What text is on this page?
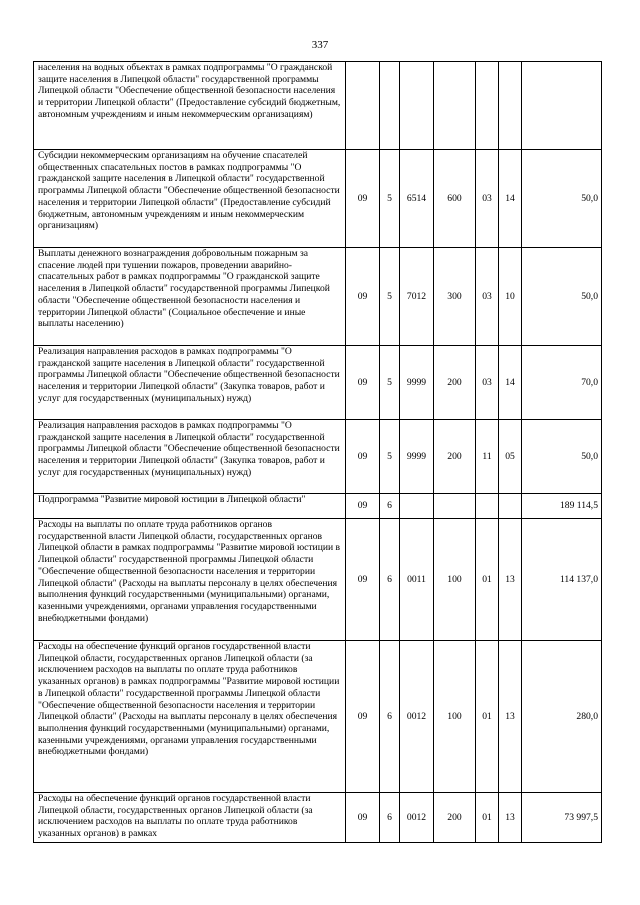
337
населения на водных объектах в рамках подпрограммы "О гражданской защите населения в Липецкой области" государственной программы Липецкой области "Обеспечение общественной безопасности населения и территории Липецкой области" (Предоставление субсидий бюджетным, автономным учреждениям и иным некоммерческим организациям)							
Субсидии некоммерческим организациям на обучение спасателей общественных спасательных постов в рамках подпрограммы "О гражданской защите населения в Липецкой области" государственной программы Липецкой области "Обеспечение общественной безопасности населения и территории Липецкой области" (Предоставление субсидий бюджетным, автономным учреждениям и иным некоммерческим организациям)	09	5	6514	600	03	14	50,0
Выплаты денежного вознаграждения добровольным пожарным за спасение людей при тушении пожаров, проведении аварийно-спасательных работ в рамках подпрограммы "О гражданской защите населения в Липецкой области" государственной программы Липецкой области "Обеспечение общественной безопасности населения и территории Липецкой области" (Социальное обеспечение и иные выплаты населению)	09	5	7012	300	03	10	50,0
Реализация направления расходов в рамках подпрограммы "О гражданской защите населения в Липецкой области" государственной программы Липецкой области "Обеспечение общественной безопасности населения и территории Липецкой области" (Закупка товаров, работ и услуг для государственных (муниципальных) нужд)	09	5	9999	200	03	14	70,0
Реализация направления расходов в рамках подпрограммы "О гражданской защите населения в Липецкой области" государственной программы Липецкой области "Обеспечение общественной безопасности населения и территории Липецкой области" (Закупка товаров, работ и услуг для государственных (муниципальных) нужд)	09	5	9999	200	11	05	50,0
Подпрограмма "Развитие мировой юстиции в Липецкой области"	09	6					189 114,5
Расходы на выплаты по оплате труда работников органов государственной власти Липецкой области, государственных органов Липецкой области в рамках подпрограммы "Развитие мировой юстиции в Липецкой области" государственной программы Липецкой области "Обеспечение общественной безопасности населения и территории Липецкой области" (Расходы на выплаты персоналу в целях обеспечения выполнения функций государственными (муниципальными) органами, казенными учреждениями, органами управления государственными внебюджетными фондами)	09	6	0011	100	01	13	114 137,0
Расходы на обеспечение функций органов государственной власти Липецкой области, государственных органов Липецкой области (за исключением расходов на выплаты по оплате труда работников указанных органов) в рамках подпрограммы "Развитие мировой юстиции в Липецкой области" государственной программы Липецкой области "Обеспечение общественной безопасности населения и территории Липецкой области" (Расходы на выплаты персоналу в целях обеспечения выполнения функций государственными (муниципальными) органами, казенными учреждениями, органами управления государственными внебюджетными фондами)	09	6	0012	100	01	13	280,0
Расходы на обеспечение функций органов государственной власти Липецкой области, государственных органов Липецкой области (за исключением расходов на выплаты по оплате труда работников указанных органов) в рамках	09	6	0012	200	01	13	73 997,5
